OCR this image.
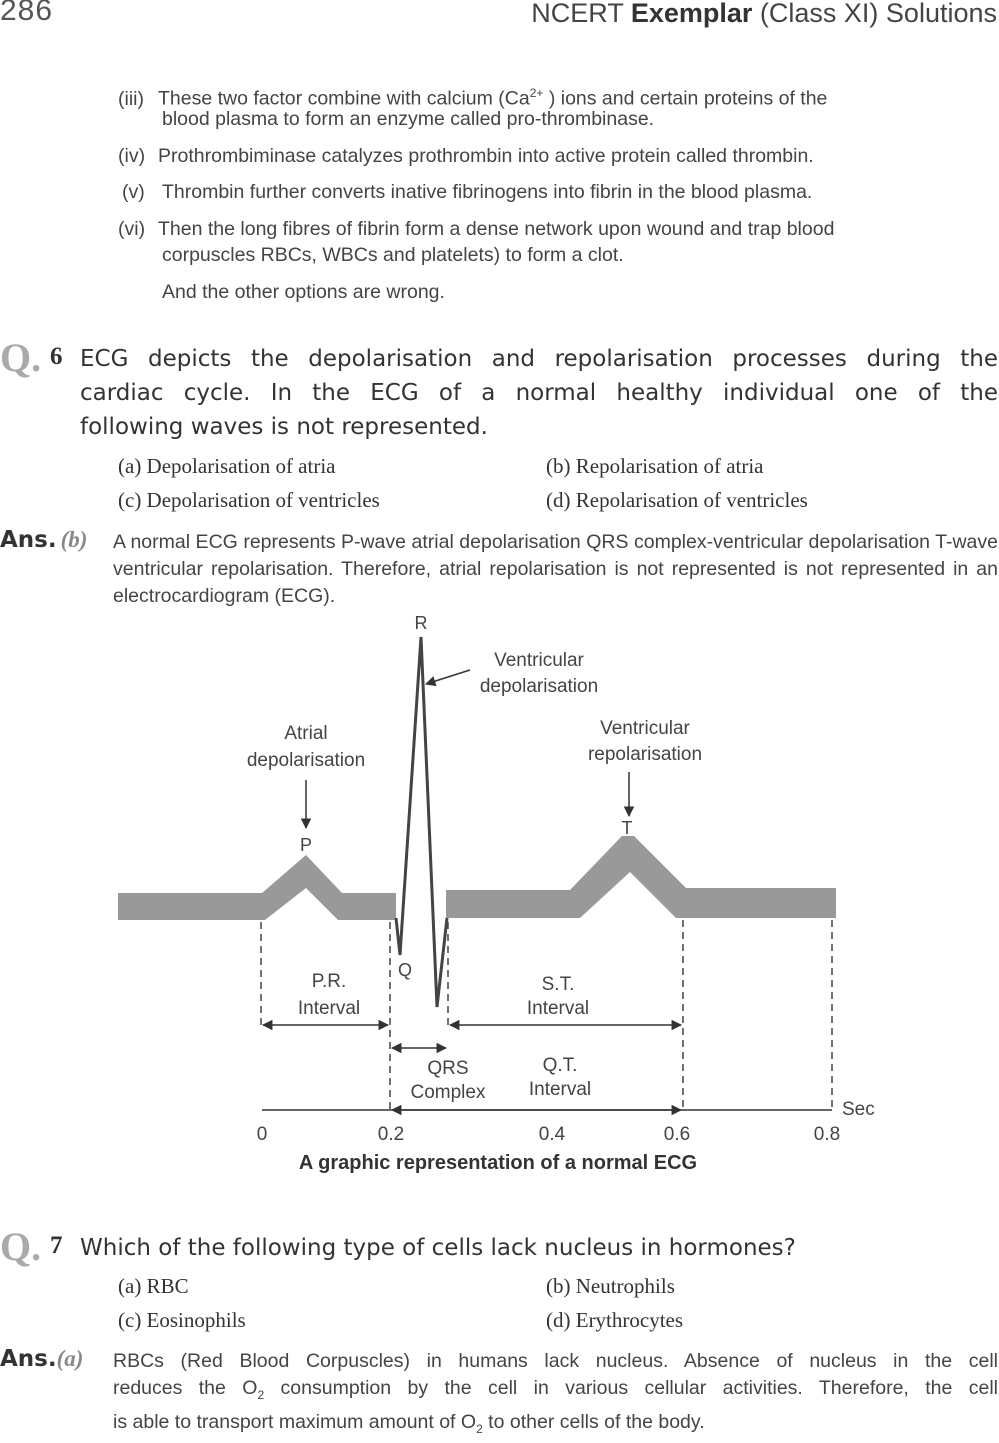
286	NCERT Exemplar (Class XI) Solutions
(iii) These two factor combine with calcium ($Ca^{2+}$ ) ions and certain proteins of the
blood plasma to form an enzyme called pro-thrombinase.
(iv) Prothrombiminase catalyzes prothrombin into active protein called thrombin.
(v) Thrombin further converts inative fibrinogens into fibrin in the blood plasma.
(vi) Then the long fibres of fibrin form a dense network upon wound and trap blood
corpuscles RBCs, WBCs and platelets) to form a clot.
And the other options are wrong.
Q. 6 ECG depicts the depolarisation and repolarisation processes during the
cardiac cycle. In the ECG of a normal healthy individual one of the
following waves is not represented.
(a) Depolarisation of atria	(b) Repolarisation of atria
(c) Depolarisation of ventricles	(d) Repolarisation of ventricles
Ans. (b) A normal ECG represents P-wave atrial depolarisation QRS complex-ventricular depolarisation T-wave ventricular repolarisation. Therefore, atrial repolarisation is not represented is not represented in an electrocardiogram (ECG).
R
P
T
Q
Ventricular
depolarisation
Atrial
depolarisation
Ventricular
repolarisation
P.R.
Interval
S.T.
Interval
QRS
Complex
Q.T.
Interval
Sec
0	0.2	0.4	0.6	0.8
A graphic representation of a normal ECG
Q. 7 Which of the following type of cells lack nucleus in hormones?
(a) RBC	(b) Neutrophils
(c) Eosinophils	(d) Erythrocytes
Ans.(a) RBCs (Red Blood Corpuscles) in humans lack nucleus. Absence of nucleus in the cell
reduces the $O_2$ consumption by the cell in various cellular activities. Therefore, the cell
is able to transport maximum amount of $O_2$ to other cells of the body.
